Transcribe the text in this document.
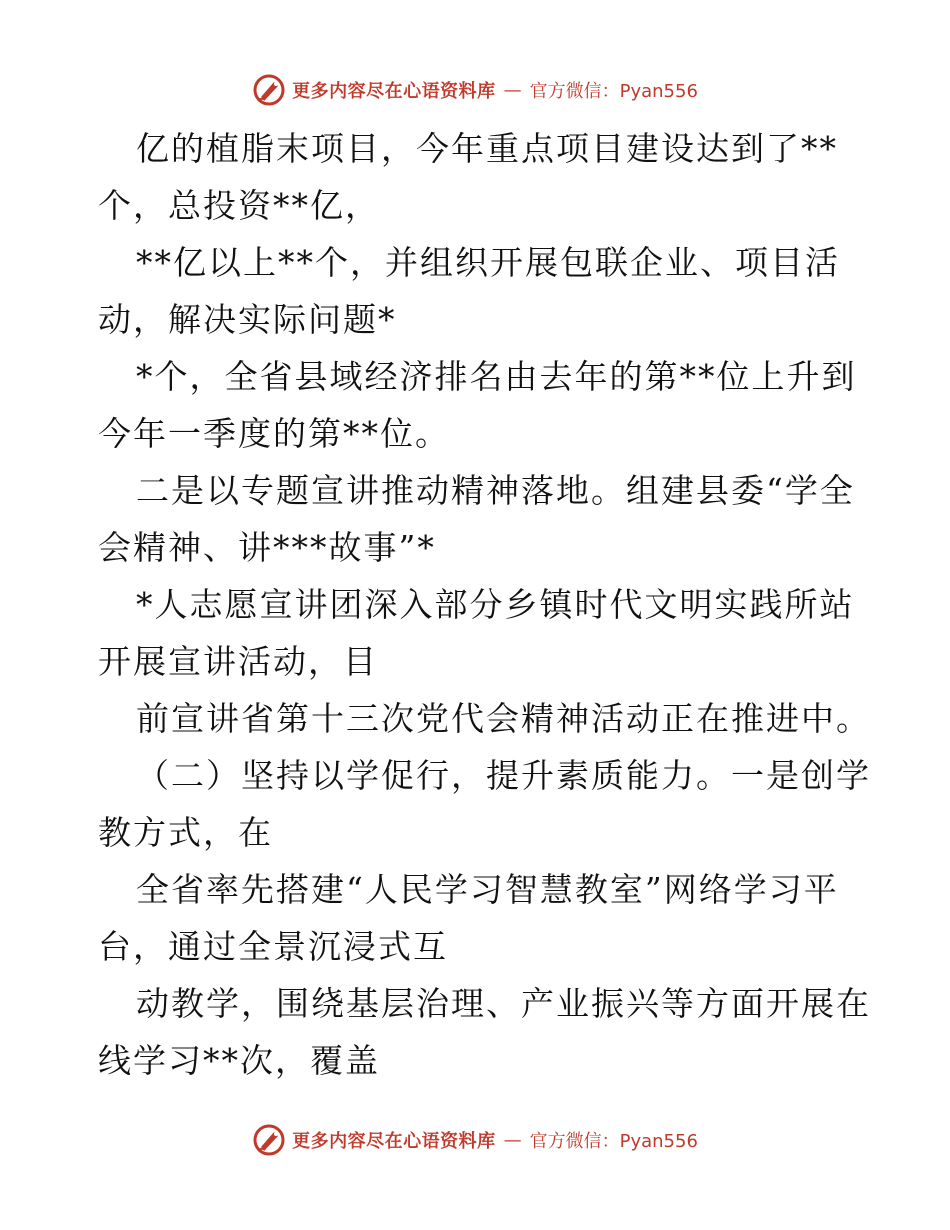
更多内容尽在心语资料库 — 官方微信：Pyan556
亿的植脂末项目，今年重点项目建设达到了**
个，总投资**亿，
**亿以上**个，并组织开展包联企业、项目活
动，解决实际问题*
*个，全省县域经济排名由去年的第**位上升到
今年一季度的第**位。
二是以专题宣讲推动精神落地。组建县委“学全
会精神、讲***故事”*
*人志愿宣讲团深入部分乡镇时代文明实践所站
开展宣讲活动，目
前宣讲省第十三次党代会精神活动正在推进中。
（二）坚持以学促行，提升素质能力。一是创学
教方式，在
全省率先搭建“人民学习智慧教室”网络学习平
台，通过全景沉浸式互
动教学，围绕基层治理、产业振兴等方面开展在
线学习**次，覆盖
更多内容尽在心语资料库 — 官方微信：Pyan556
